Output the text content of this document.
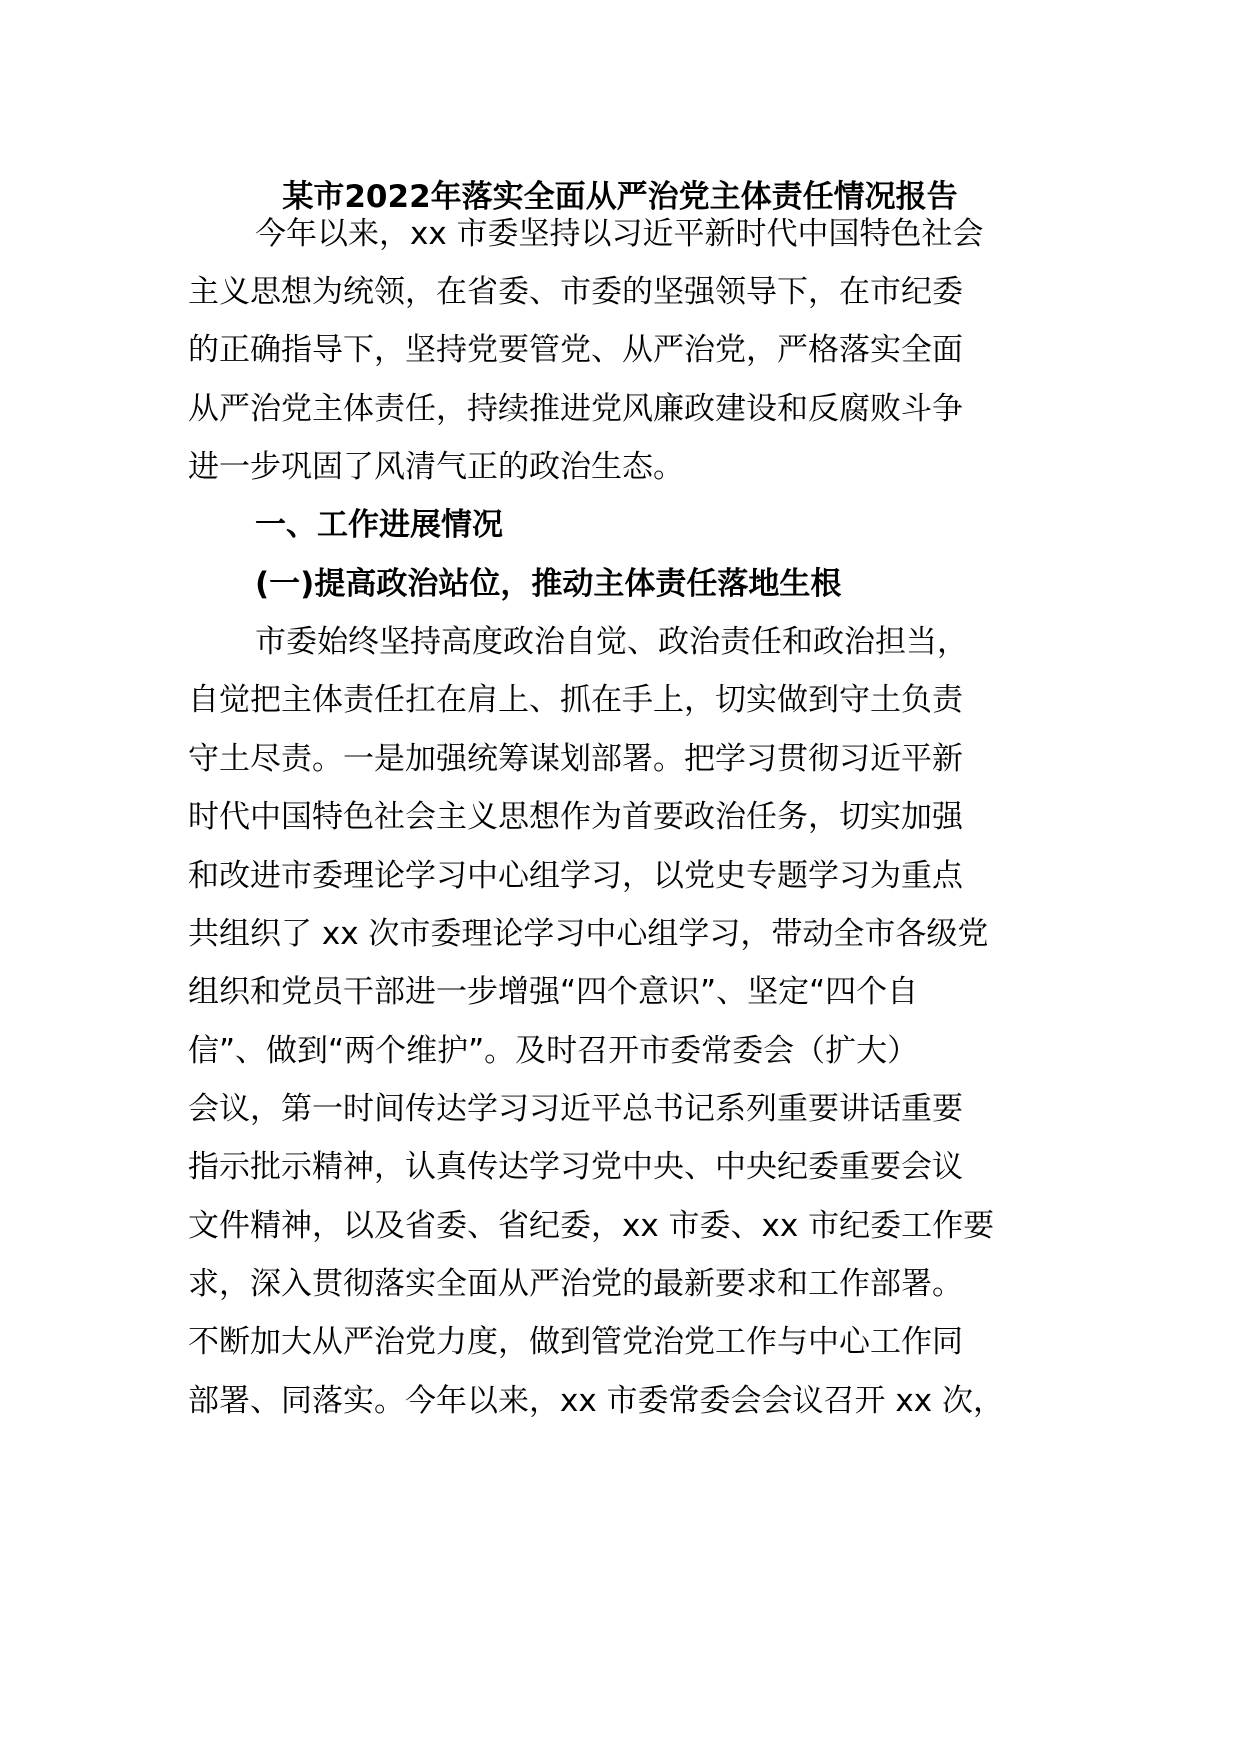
某市2022年落实全面从严治党主体责任情况报告
今年以来，xx 市委坚持以习近平新时代中国特色社会
主义思想为统领，在省委、市委的坚强领导下，在市纪委
的正确指导下，坚持党要管党、从严治党，严格落实全面
从严治党主体责任，持续推进党风廉政建设和反腐败斗争
进一步巩固了风清气正的政治生态。
一、工作进展情况
(一)提高政治站位，推动主体责任落地生根
市委始终坚持高度政治自觉、政治责任和政治担当，
自觉把主体责任扛在肩上、抓在手上，切实做到守土负责
守土尽责。一是加强统筹谋划部署。把学习贯彻习近平新
时代中国特色社会主义思想作为首要政治任务，切实加强
和改进市委理论学习中心组学习，以党史专题学习为重点
共组织了 xx 次市委理论学习中心组学习，带动全市各级党
组织和党员干部进一步增强“四个意识”、坚定“四个自
信”、做到“两个维护”。及时召开市委常委会（扩大）
会议，第一时间传达学习习近平总书记系列重要讲话重要
指示批示精神，认真传达学习党中央、中央纪委重要会议
文件精神，以及省委、省纪委，xx 市委、xx 市纪委工作要
求，深入贯彻落实全面从严治党的最新要求和工作部署。
不断加大从严治党力度，做到管党治党工作与中心工作同
部署、同落实。今年以来，xx 市委常委会会议召开 xx 次，
